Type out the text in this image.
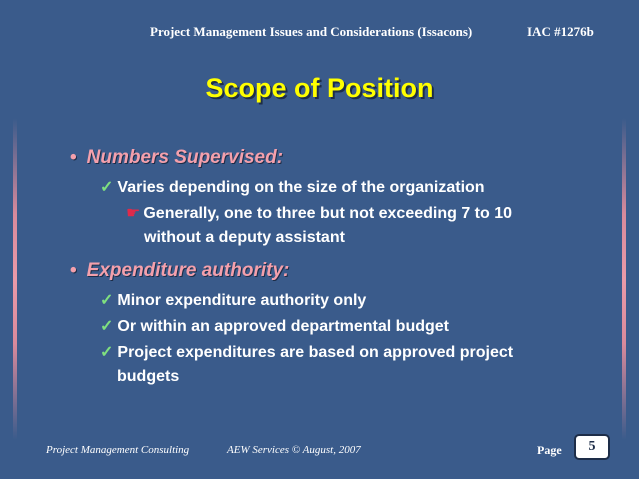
Project Management Issues and Considerations (Issacons)	IAC #1276b
Scope of Position
• Numbers Supervised:
✓ Varies depending on the size of the organization
☛ Generally, one to three but not exceeding 7 to 10
without a deputy assistant
• Expenditure authority:
✓ Minor expenditure authority only
✓ Or within an approved departmental budget
✓ Project expenditures are based on approved project
budgets
Project Management Consulting	AEW Services © August, 2007	Page	5
